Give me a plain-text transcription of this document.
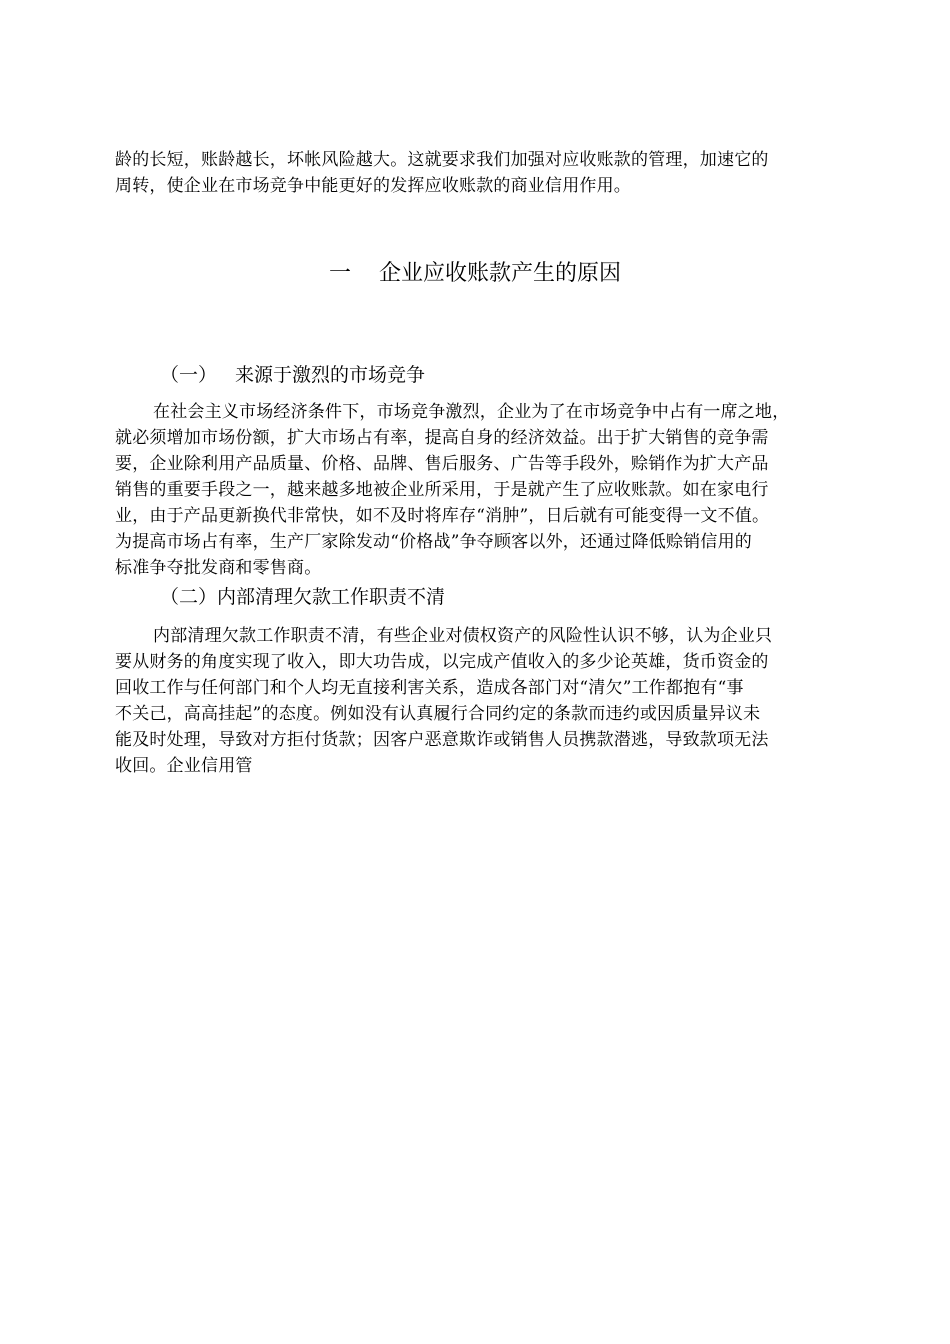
龄的长短，账龄越长，坏帐风险越大。这就要求我们加强对应收账款的管理，加速它的
周转，使企业在市场竞争中能更好的发挥应收账款的商业信用作用。
一 企业应收账款产生的原因
（一） 来源于激烈的市场竞争
在社会主义市场经济条件下，市场竞争激烈，企业为了在市场竞争中占有一席之地，
就必须增加市场份额，扩大市场占有率，提高自身的经济效益。出于扩大销售的竞争需
要，企业除利用产品质量、价格、品牌、售后服务、广告等手段外，赊销作为扩大产品
销售的重要手段之一，越来越多地被企业所采用，于是就产生了应收账款。如在家电行
业，由于产品更新换代非常快，如不及时将库存“消肿”，日后就有可能变得一文不值。
为提高市场占有率，生产厂家除发动“价格战”争夺顾客以外，还通过降低赊销信用的
标准争夺批发商和零售商。
（二）内部清理欠款工作职责不清
内部清理欠款工作职责不清，有些企业对债权资产的风险性认识不够，认为企业只
要从财务的角度实现了收入，即大功告成，以完成产值收入的多少论英雄，货币资金的
回收工作与任何部门和个人均无直接利害关系，造成各部门对“清欠”工作都抱有“事
不关己，高高挂起”的态度。例如没有认真履行合同约定的条款而违约或因质量异议未
能及时处理，导致对方拒付货款；因客户恶意欺诈或销售人员携款潜逃，导致款项无法
收回。企业信用管
